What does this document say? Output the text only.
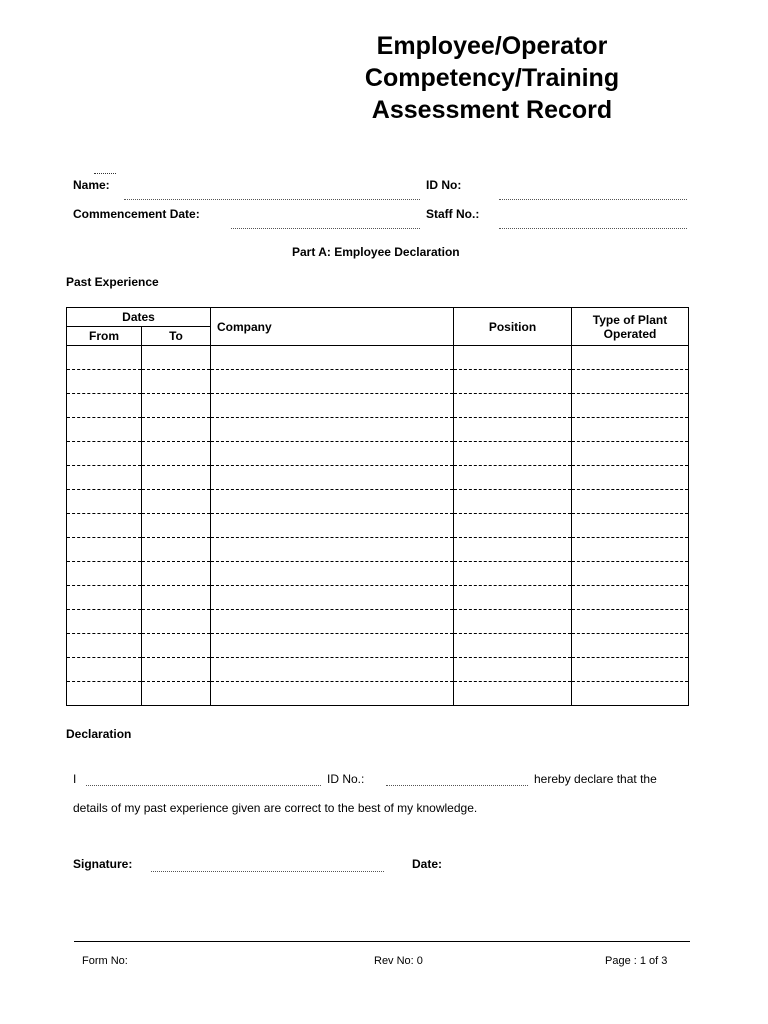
Employee/Operator
Competency/Training
Assessment Record
Name:	ID No:
Commencement Date:	Staff No.:
Part A: Employee Declaration
Past Experience
Dates		Company	Position	Type of Plant
Operated

From	To			

Declaration
I	ID No.:	hereby declare that the
details of my past experience given are correct to the best of my knowledge.
Signature:	Date:
Form No:	Rev No: 0	Page : 1 of 3
